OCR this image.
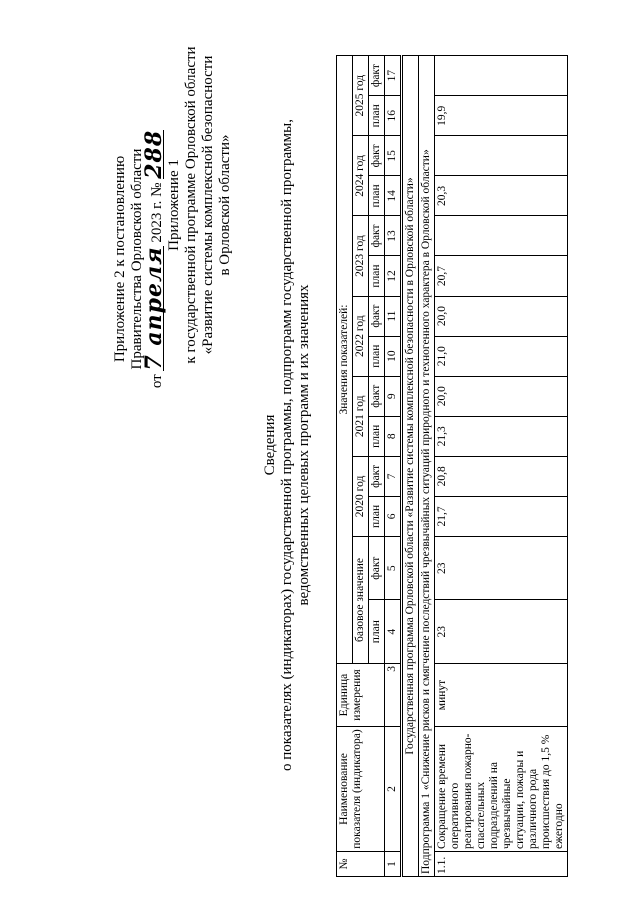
Приложение 2 к постановлению Правительства Орловской области
от 7 апреля 2023 г. № 288
Приложение 1 к государственной программе Орловской области «Развитие системы комплексной безопасности в Орловской области»
Сведения о показателях (индикаторах) государственной программы, подпрограмм государственной программы, ведомственных целевых программ и их значениях
№	Наименование показателя (индикатора)	Единица измерения	Значения показателей:													
			базовое значение		2020 год		2021 год		2022 год		2023 год		2024 год		2025 год	
			план	факт	план	факт	план	факт	план	факт	план	факт	план	факт	план	факт
1	2	3	4	5	6	7	8	9	10	11	12	13	14	15	16	17
Государственная программа Орловской области «Развитие системы комплексной безопасности в Орловской области»																
Подпрограмма 1 «Снижение рисков и смягчение последствий чрезвычайных ситуаций природного и техногенного характера в Орловской области»																
1.1.	Сокращение времени оперативного реагирования пожарно-спасательных подразделений на чрезвычайные ситуации, пожары и различного рода происшествия до 1,5 % ежегодно	минут	23	23	21,7	20,8	21,3	20,0	21,0	20,0	20,7		20,3		19,9	
